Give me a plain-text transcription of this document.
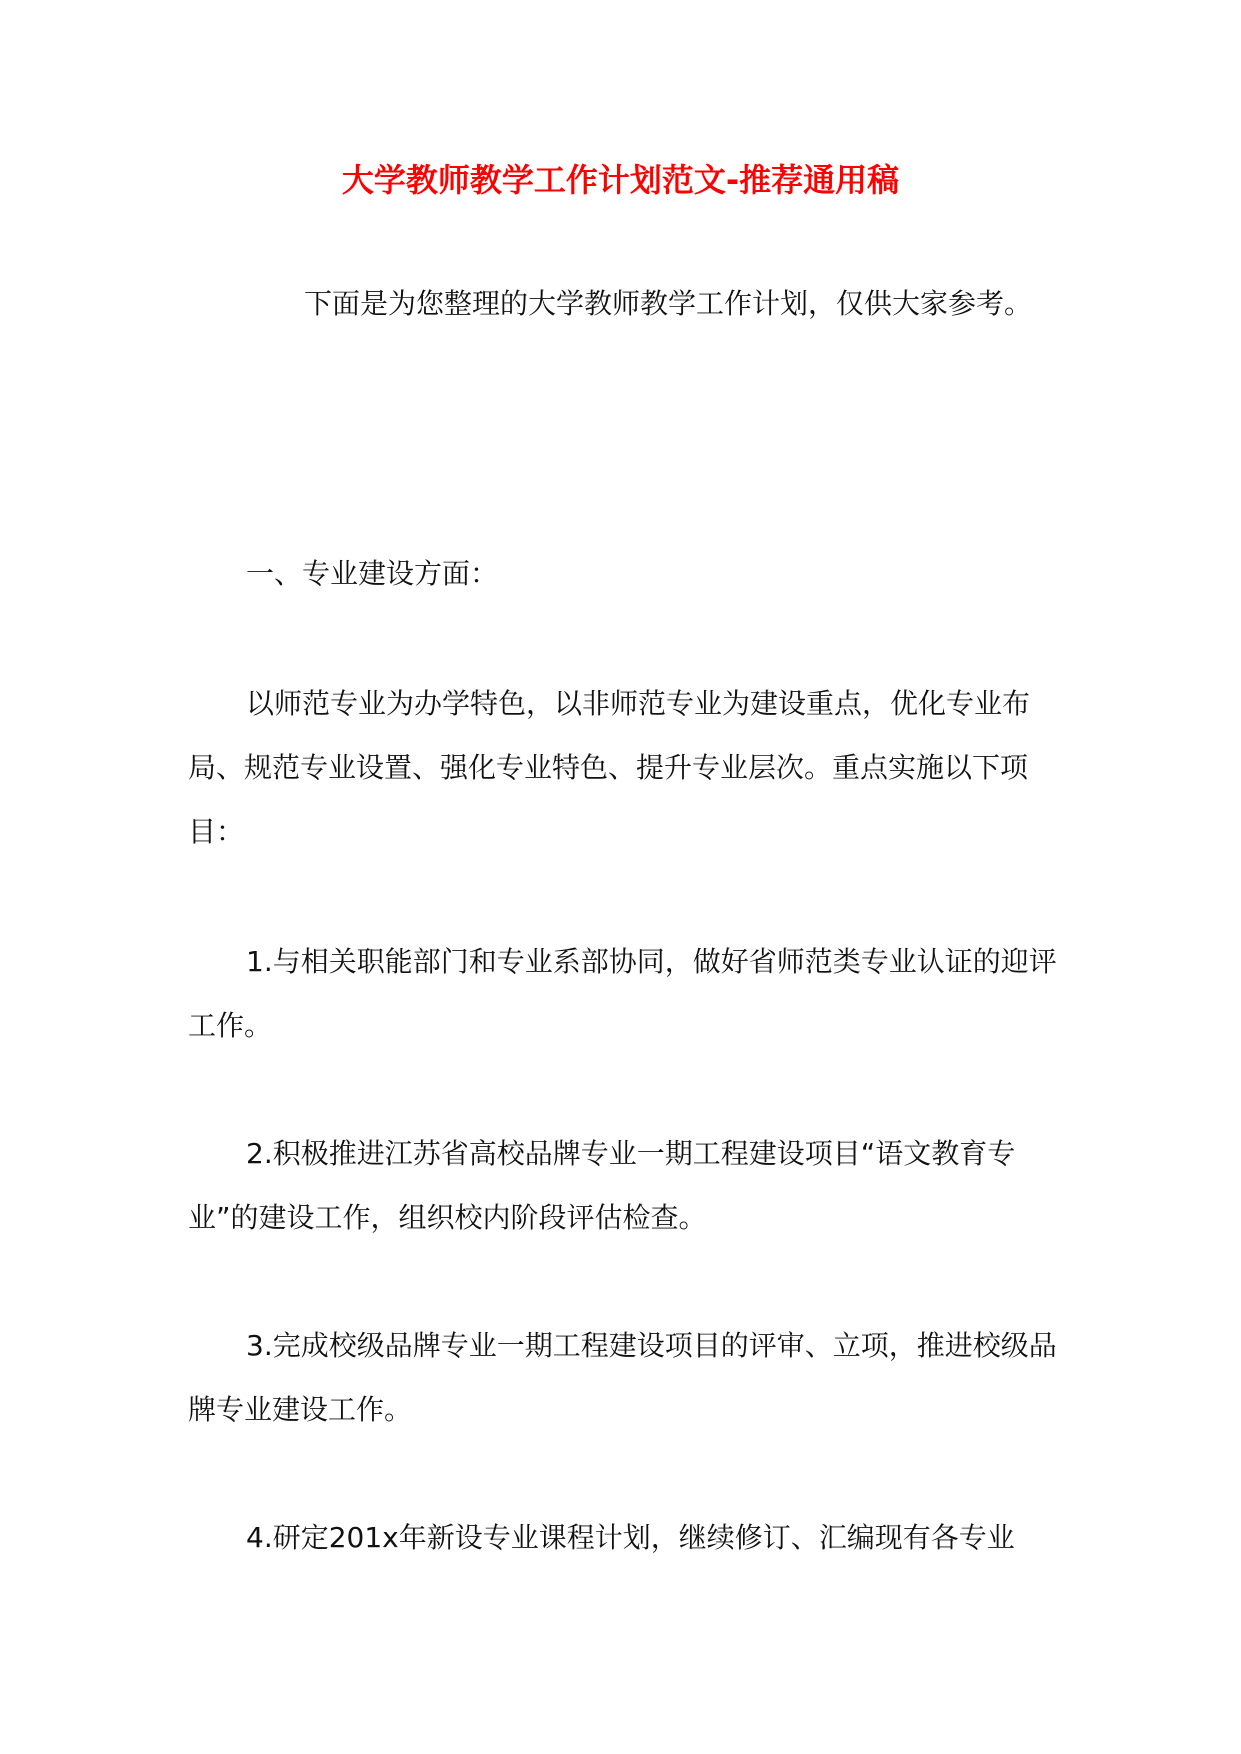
大学教师教学工作计划范文-推荐通用稿
下面是为您整理的大学教师教学工作计划，仅供大家参考。
一、专业建设方面：
以师范专业为办学特色，以非师范专业为建设重点，优化专业布局、规范专业设置、强化专业特色、提升专业层次。重点实施以下项目：
1.与相关职能部门和专业系部协同，做好省师范类专业认证的迎评工作。
2.积极推进江苏省高校品牌专业一期工程建设项目“语文教育专业”的建设工作，组织校内阶段评估检查。
3.完成校级品牌专业一期工程建设项目的评审、立项，推进校级品牌专业建设工作。
4.研定201x年新设专业课程计划，继续修订、汇编现有各专业
